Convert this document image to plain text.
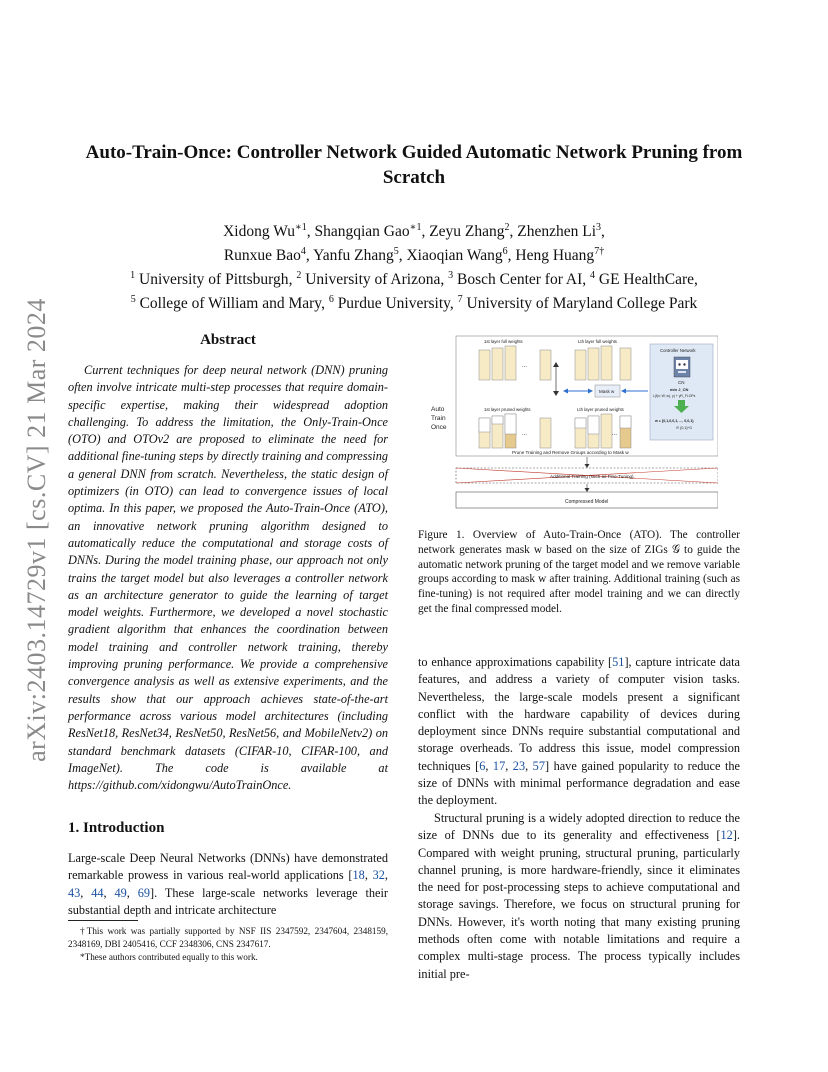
arXiv:2403.14729v1 [cs.CV] 21 Mar 2024
Auto-Train-Once: Controller Network Guided Automatic Network Pruning from Scratch
Xidong $Wu^{∗1}$, Shangqian Gao$^{∗1}$, Zeyu Zhang$^2$, Zhenzhen Li$^3$,
Runxue Bao$^4$, Yanfu Zhang$^5$, Xiaoqian Wang$^6$, Heng Huang$^{7\dagger}$
$^1$ University of Pittsburgh, $^2$ University of Arizona, $^3$ Bosch Center for AI, $^4$ GE HealthCare,
$^5$ College of William and Mary, $^6$ Purdue University, $^7$ University of Maryland College Park
Abstract

Current techniques for deep neural network (DNN) pruning often involve intricate multi-step processes that require domain-specific expertise, making their widespread adoption challenging. To address the limitation, the Only-Train-Once (OTO) and OTOv2 are proposed to eliminate the need for additional fine-tuning steps by directly training and compressing a general DNN from scratch. Nevertheless, the static design of optimizers (in OTO) can lead to convergence issues of local optima. In this paper, we proposed the Auto-Train-Once (ATO), an innovative network pruning algorithm designed to automatically reduce the computational and storage costs of DNNs. During the model training phase, our approach not only trains the target model but also leverages a controller network as an architecture generator to guide the learning of target model weights. Furthermore, we developed a novel stochastic gradient algorithm that enhances the coordination between model training and controller network training, thereby improving pruning performance. We provide a comprehensive convergence analysis as well as extensive experiments, and the results show that our approach achieves state-of-the-art performance across various model architectures (including ResNet18, ResNet34, ResNet50, ResNet56, and MobileNetv2) on standard benchmark datasets (CIFAR-10, CIFAR-100, and ImageNet). The code is available at https://github.com/xidongwu/AutoTrainOnce.

1. Introduction

Large-scale Deep Neural Networks (DNNs) have demonstrated remarkable prowess in various real-world applications [18, 32, 43, 44, 49, 69]. These large-scale networks leverage their substantial depth and intricate architecture

†This work was partially supported by NSF IIS 2347592, 2347604, 2348159, 2348169, DBI 2405416, CCF 2348306, CNS 2347617.

*These authors contributed equally to this work.

Auto
Train
Once
1st layer full weights	Lth layer full weights
...
Mask w
Controller Network
CN
min J_CN
L(f(x; W, w), y) + γR_FLOPs
w = {0,1,0,0,1, ..., 0,0,1}
∈ {0,1}^G
1st layer pruned weights	Lth layer pruned weights
...	...
Prune Training and Remove Groups according to Mask w
Additional Training (such as Fine-Tuning)
Compressed Model

Figure 1. Overview of Auto-Train-Once (ATO). The controller network generates mask w based on the size of ZIGs 𝒢 to guide the automatic network pruning of the target model and we remove variable groups according to mask w after training. Additional training (such as fine-tuning) is not required after model training and we can directly get the final compressed model.

to enhance approximations capability [51], capture intricate data features, and address a variety of computer vision tasks. Nevertheless, the large-scale models present a significant conflict with the hardware capability of devices during deployment since DNNs require substantial computational and storage overheads. To address this issue, model compression techniques [6, 17, 23, 57] have gained popularity to reduce the size of DNNs with minimal performance degradation and ease the deployment.

Structural pruning is a widely adopted direction to reduce the size of DNNs due to its generality and effectiveness [12]. Compared with weight pruning, structural pruning, particularly channel pruning, is more hardware-friendly, since it eliminates the need for post-processing steps to achieve computational and storage savings. Therefore, we focus on structural pruning for DNNs. However, it's worth noting that many existing pruning methods often come with notable limitations and require a complex multi-stage process. The process typically includes initial pre-
